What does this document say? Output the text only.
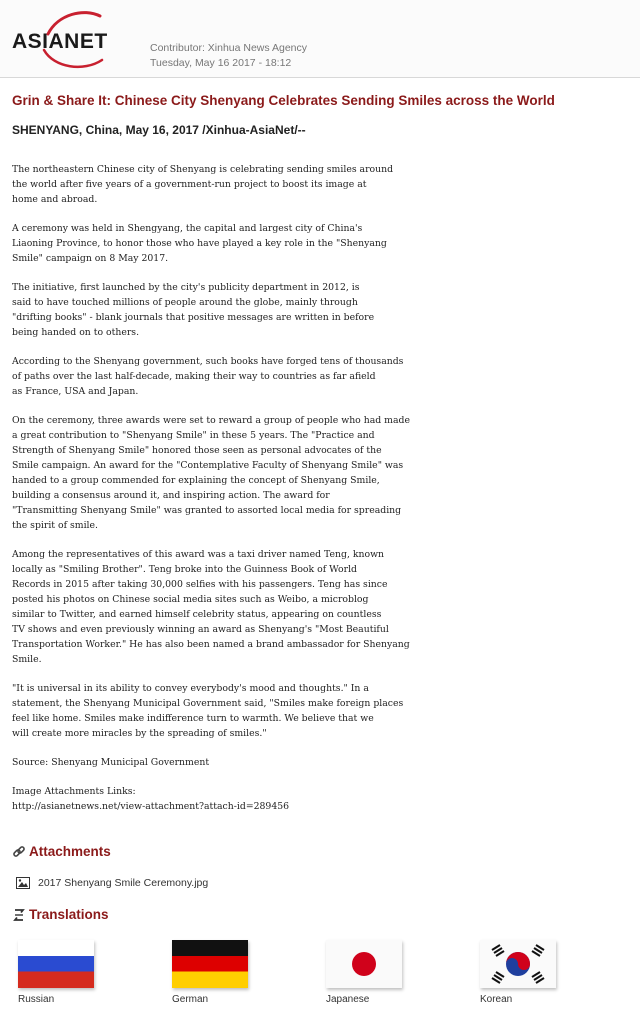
ASIANET	Contributor: Xinhua News Agency
Tuesday, May 16 2017 - 18:12
Grin & Share It: Chinese City Shenyang Celebrates Sending Smiles across the World
SHENYANG, China, May 16, 2017 /Xinhua-AsiaNet/--

The northeastern Chinese city of Shenyang is celebrating sending smiles around
the world after five years of a government-run project to boost its image at
home and abroad.

A ceremony was held in Shengyang, the capital and largest city of China's
Liaoning Province, to honor those who have played a key role in the "Shenyang
Smile" campaign on 8 May 2017.

The initiative, first launched by the city's publicity department in 2012, is
said to have touched millions of people around the globe, mainly through
"drifting books" - blank journals that positive messages are written in before
being handed on to others.

According to the Shenyang government, such books have forged tens of thousands
of paths over the last half-decade, making their way to countries as far afield
as France, USA and Japan.

On the ceremony, three awards were set to reward a group of people who had made
a great contribution to "Shenyang Smile" in these 5 years. The "Practice and
Strength of Shenyang Smile" honored those seen as personal advocates of the
Smile campaign. An award for the "Contemplative Faculty of Shenyang Smile" was
handed to a group commended for explaining the concept of Shenyang Smile,
building a consensus around it, and inspiring action. The award for
"Transmitting Shenyang Smile" was granted to assorted local media for spreading
the spirit of smile.

Among the representatives of this award was a taxi driver named Teng, known
locally as "Smiling Brother". Teng broke into the Guinness Book of World
Records in 2015 after taking 30,000 selfies with his passengers. Teng has since
posted his photos on Chinese social media sites such as Weibo, a microblog
similar to Twitter, and earned himself celebrity status, appearing on countless
TV shows and even previously winning an award as Shenyang's "Most Beautiful
Transportation Worker." He has also been named a brand ambassador for Shenyang
Smile.

"It is universal in its ability to convey everybody's mood and thoughts." In a
statement, the Shenyang Municipal Government said, "Smiles make foreign places
feel like home. Smiles make indifference turn to warmth. We believe that we
will create more miracles by the spreading of smiles."

Source: Shenyang Municipal Government

Image Attachments Links:
http://asianetnews.net/view-attachment?attach-id=289456

Attachments
2017 Shenyang Smile Ceremony.jpg
Translations
Russian	German	Japanese	Korean
